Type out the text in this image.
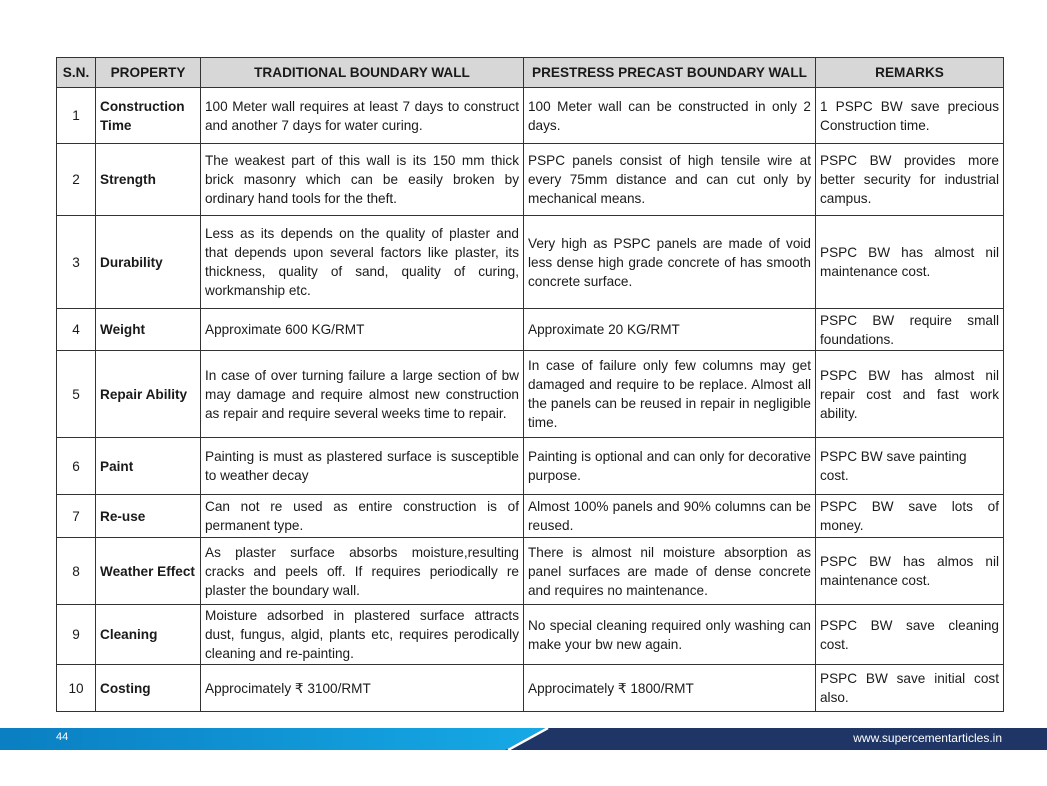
S.N.	PROPERTY	TRADITIONAL BOUNDARY WALL	PRESTRESS PRECAST BOUNDARY WALL	REMARKS
1	Construction Time	100 Meter wall requires at least 7 days to construct and another 7 days for water curing.	100 Meter wall can be constructed in only 2 days.	1 PSPC BW save precious Construction time.
2	Strength	The weakest part of this wall is its 150 mm thick brick masonry which can be easily broken by ordinary hand tools for the theft.	PSPC panels consist of high tensile wire at every 75mm distance and can cut only by mechanical means.	PSPC BW provides more better security for industrial campus.
3	Durability	Less as its depends on the quality of plaster and that depends upon several factors like plaster, its thickness, quality of sand, quality of curing, workmanship etc.	Very high as PSPC panels are made of void less dense high grade concrete of has smooth concrete surface.	PSPC BW has almost nil maintenance cost.
4	Weight	Approximate 600 KG/RMT	Approximate 20 KG/RMT	PSPC BW require small foundations.
5	Repair Ability	In case of over turning failure a large section of bw may damage and require almost new construction as repair and require several weeks time to repair.	In case of failure only few columns may get damaged and require to be replace. Almost all the panels can be reused in repair in negligible time.	PSPC BW has almost nil repair cost and fast work ability.
6	Paint	Painting is must as plastered surface is susceptible to weather decay	Painting is optional and can only for decorative purpose.	PSPC BW save painting cost.
7	Re-use	Can not re used as entire construction is of permanent type.	Almost 100% panels and 90% columns can be reused.	PSPC BW save lots of money.
8	Weather Effect	As plaster surface absorbs moisture,resulting cracks and peels off. If requires periodically re plaster the boundary wall.	There is almost nil moisture absorption as panel surfaces are made of dense concrete and requires no maintenance.	PSPC BW has almos nil maintenance cost.
9	Cleaning	Moisture adsorbed in plastered surface attracts dust, fungus, algid, plants etc, requires perodically cleaning and re-painting.	No special cleaning required only washing can make your bw new again.	PSPC BW save cleaning cost.
10	Costing	Approcimately ₹ 3100/RMT	Approcimately ₹ 1800/RMT	PSPC BW save initial cost also.
44	www.supercementarticles.in
